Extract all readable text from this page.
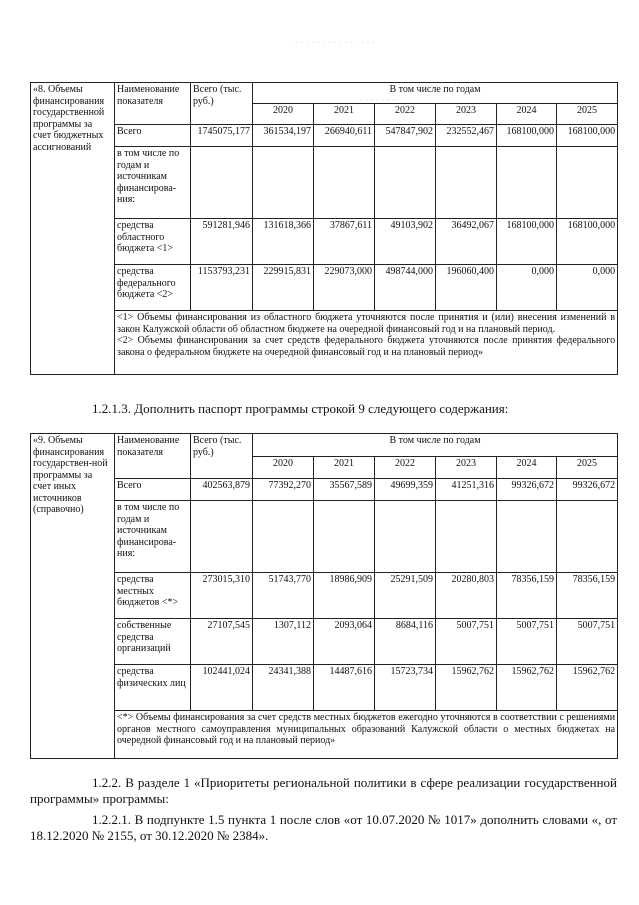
· · · · · · · · · · · · · · · ·
· · · · · · ·
«8. Объемы финансирования государственной программы за счет бюджетных ассигнований	Наименование показателя	Всего (тыс. руб.)	В том числе по годам					
			2020	2021	2022	2023	2024	2025
	Всего	1745075,177	361534,197	266940,611	547847,902	232552,467	168100,000	168100,000
	в том числе по годам и источникам финансирова-ния:							
	средства областного бюджета <1>	591281,946	131618,366	37867,611	49103,902	36492,067	168100,000	168100,000
	средства федерального бюджета <2>	1153793,231	229915,831	229073,000	498744,000	196060,400	0,000	0,000

	<1> Объемы финансирования из областного бюджета уточняются после принятия и (или) внесения изменений в закон Калужской области об областном бюджете на очередной финансовый год и на плановый период.
<2> Объемы финансирования за счет средств федерального бюджета уточняются после принятия федерального закона о федеральном бюджете на очередной финансовый год и на плановый период»							
1.2.1.3. Дополнить паспорт программы строкой 9 следующего содержания:
«9. Объемы финансирования государствен-ной программы за счет иных источников (справочно)	Наименование показателя	Всего (тыс. руб.)	В том числе по годам					
			2020	2021	2022	2023	2024	2025
	Всего	402563,879	77392,270	35567,589	49699,359	41251,316	99326,672	99326,672
	в том числе по годам и источникам финансирова-ния:							
	средства местных бюджетов <*>	273015,310	51743,770	18986,909	25291,509	20280,803	78356,159	78356,159
	собственные средства организаций	27107,545	1307,112	2093,064	8684,116	5007,751	5007,751	5007,751
	средства физических лиц	102441,024	24341,388	14487,616	15723,734	15962,762	15962,762	15962,762

	<*> Объемы финансирования за счет средств местных бюджетов ежегодно уточняются в соответствии с решениями органов местного самоуправления муниципальных образований Калужской области о местных бюджетах на очередной финансовый год и на плановый период»							
1.2.2. В разделе 1 «Приоритеты региональной политики в сфере реализации государственной программы» программы:
1.2.2.1. В подпункте 1.5 пункта 1 после слов «от 10.07.2020 № 1017» дополнить словами «, от 18.12.2020 № 2155, от 30.12.2020 № 2384».
